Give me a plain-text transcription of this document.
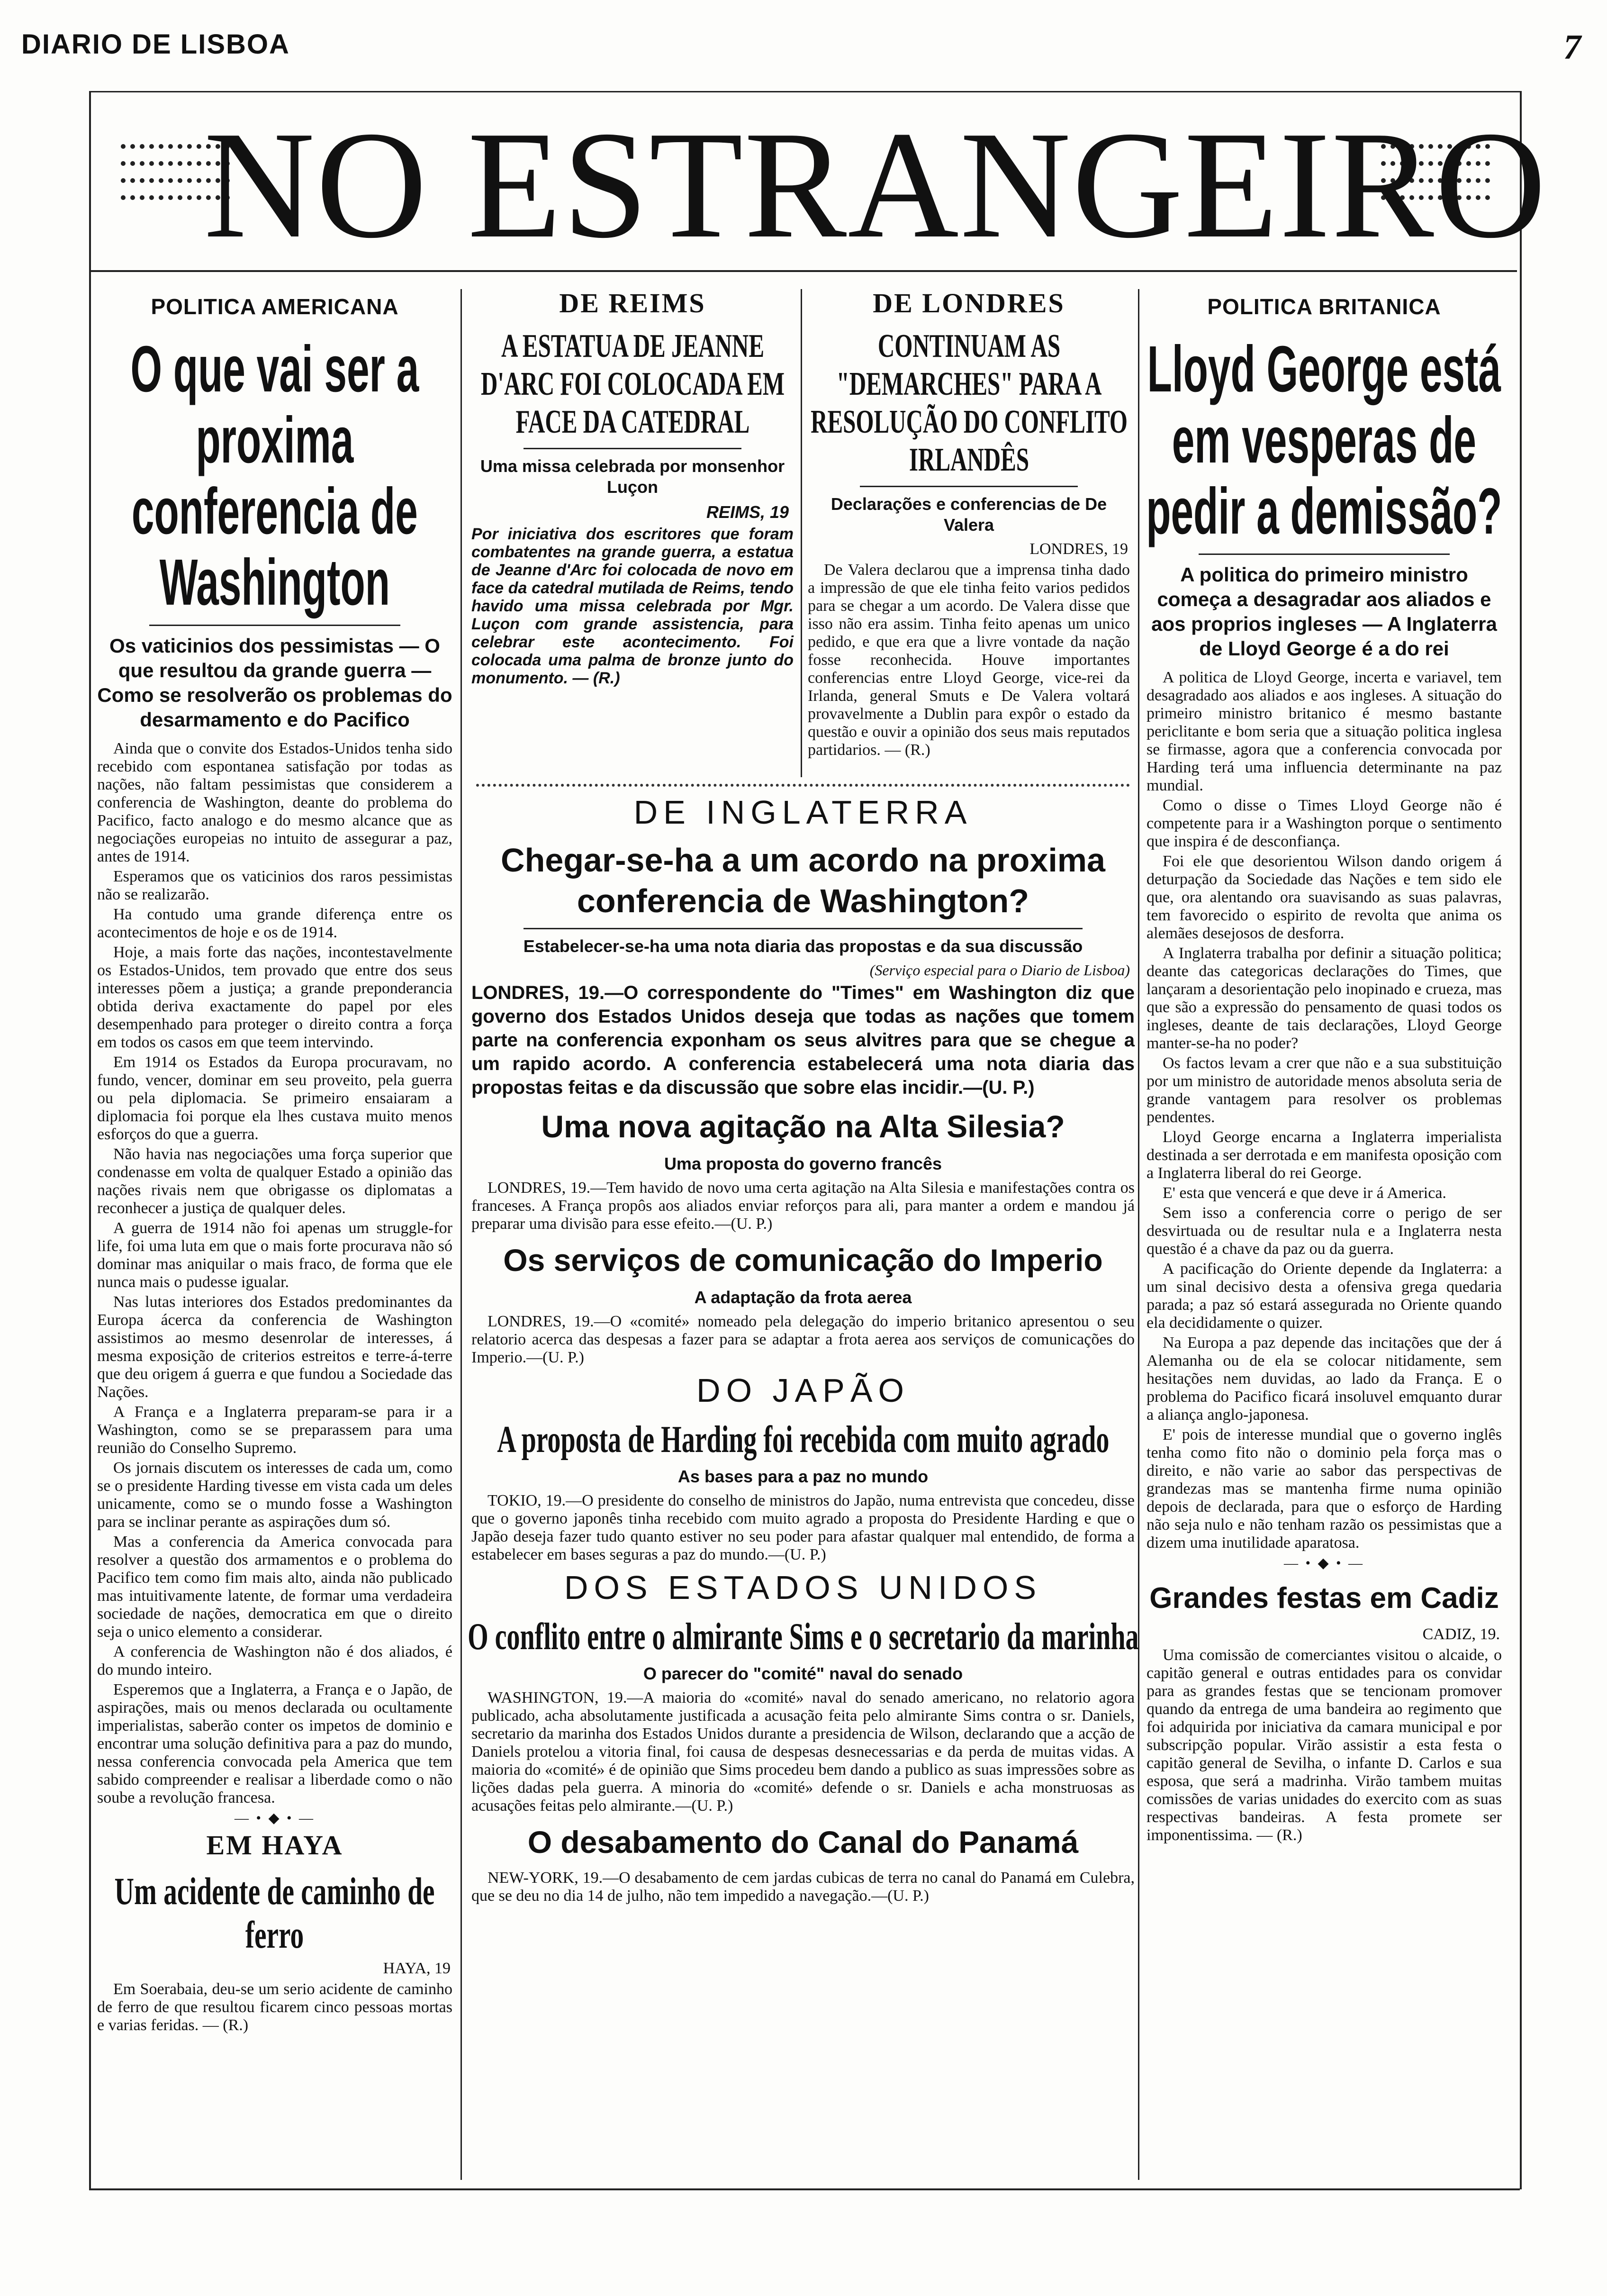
DIARIO DE LISBOA	7
NO ESTRANGEIRO
POLITICA AMERICANA
O que vai ser a proxima conferencia de Washington
Os vaticinios dos pessimistas — O que resultou da grande guerra — Como se resolverão os problemas do desarmamento e do Pacifico

Ainda que o convite dos Estados-Unidos tenha sido recebido com espontanea satisfação por todas as nações, não faltam pessimistas que considerem a conferencia de Washington, deante do problema do Pacifico, facto analogo e do mesmo alcance que as negociações europeias no intuito de assegurar a paz, antes de 1914.

Esperamos que os vaticinios dos raros pessimistas não se realizarão.

Ha contudo uma grande diferença entre os acontecimentos de hoje e os de 1914.

Hoje, a mais forte das nações, incontestavelmente os Estados-Unidos, tem provado que entre dos seus interesses põem a justiça; a grande preponderancia obtida deriva exactamente do papel por eles desempenhado para proteger o direito contra a força em todos os casos em que teem intervindo.

Em 1914 os Estados da Europa procuravam, no fundo, vencer, dominar em seu proveito, pela guerra ou pela diplomacia. Se primeiro ensaiaram a diplomacia foi porque ela lhes custava muito menos esforços do que a guerra.

Não havia nas negociações uma força superior que condenasse em volta de qualquer Estado a opinião das nações rivais nem que obrigasse os diplomatas a reconhecer a justiça de qualquer deles.

A guerra de 1914 não foi apenas um struggle-for life, foi uma luta em que o mais forte procurava não só dominar mas aniquilar o mais fraco, de forma que ele nunca mais o pudesse igualar.

Nas lutas interiores dos Estados predominantes da Europa ácerca da conferencia de Washington assistimos ao mesmo desenrolar de interesses, á mesma exposição de criterios estreitos e terre-á-terre que deu origem á guerra e que fundou a Sociedade das Nações.

A França e a Inglaterra preparam-se para ir a Washington, como se se preparassem para uma reunião do Conselho Supremo.

Os jornais discutem os interesses de cada um, como se o presidente Harding tivesse em vista cada um deles unicamente, como se o mundo fosse a Washington para se inclinar perante as aspirações dum só.

Mas a conferencia da America convocada para resolver a questão dos armamentos e o problema do Pacifico tem como fim mais alto, ainda não publicado mas intuitivamente latente, de formar uma verdadeira sociedade de nações, democratica em que o direito seja o unico elemento a considerar.

A conferencia de Washington não é dos aliados, é do mundo inteiro.

Esperemos que a Inglaterra, a França e o Japão, de aspirações, mais ou menos declarada ou ocultamente imperialistas, saberão conter os impetos de dominio e encontrar uma solução definitiva para a paz do mundo, nessa conferencia convocada pela America que tem sabido compreender e realisar a liberdade como o não soube a revolução francesa.

— • ◆ • —
EM HAYA
Um acidente de caminho de ferro
HAYA, 19

Em Soerabaia, deu-se um serio acidente de caminho de ferro de que resultou ficarem cinco pessoas mortas e varias feridas. — (R.)

DE REIMS
A ESTATUA DE JEANNE D'ARC FOI COLOCADA EM FACE DA CATEDRAL
Uma missa celebrada por monsenhor Luçon
REIMS, 19
Por iniciativa dos escritores que foram combatentes na grande guerra, a estatua de Jeanne d'Arc foi colocada de novo em face da catedral mutilada de Reims, tendo havido uma missa celebrada por Mgr. Luçon com grande assistencia, para celebrar este acontecimento. Foi colocada uma palma de bronze junto do monumento. — (R.)
DE LONDRES
CONTINUAM AS "DEMARCHES" PARA A RESOLUÇÃO DO CONFLITO IRLANDÊS
Declarações e conferencias de De Valera
LONDRES, 19

De Valera declarou que a imprensa tinha dado a impressão de que ele tinha feito varios pedidos para se chegar a um acordo. De Valera disse que isso não era assim. Tinha feito apenas um unico pedido, e que era que a livre vontade da nação fosse reconhecida. Houve importantes conferencias entre Lloyd George, vice-rei da Irlanda, general Smuts e De Valera voltará provavelmente a Dublin para expôr o estado da questão e ouvir a opinião dos seus mais reputados partidarios. — (R.)

POLITICA BRITANICA
Lloyd George está em vesperas de pedir a demissão?
A politica do primeiro ministro começa a desagradar aos aliados e aos proprios ingleses — A Inglaterra de Lloyd George é a do rei

A politica de Lloyd George, incerta e variavel, tem desagradado aos aliados e aos ingleses. A situação do primeiro ministro britanico é mesmo bastante periclitante e bom seria que a situação politica inglesa se firmasse, agora que a conferencia convocada por Harding terá uma influencia determinante na paz mundial.

Como o disse o Times Lloyd George não é competente para ir a Washington porque o sentimento que inspira é de desconfiança.

Foi ele que desorientou Wilson dando origem á deturpação da Sociedade das Nações e tem sido ele que, ora alentando ora suavisando as suas palavras, tem favorecido o espirito de revolta que anima os alemães desejosos de desforra.

A Inglaterra trabalha por definir a situação politica; deante das categoricas declarações do Times, que lançaram a desorientação pelo inopinado e crueza, mas que são a expressão do pensamento de quasi todos os ingleses, deante de tais declarações, Lloyd George manter-se-ha no poder?

Os factos levam a crer que não e a sua substituição por um ministro de autoridade menos absoluta seria de grande vantagem para resolver os problemas pendentes.

Lloyd George encarna a Inglaterra imperialista destinada a ser derrotada e em manifesta oposição com a Inglaterra liberal do rei George.

E' esta que vencerá e que deve ir á America.

Sem isso a conferencia corre o perigo de ser desvirtuada ou de resultar nula e a Inglaterra nesta questão é a chave da paz ou da guerra.

A pacificação do Oriente depende da Inglaterra: a um sinal decisivo desta a ofensiva grega quedaria parada; a paz só estará assegurada no Oriente quando ela decididamente o quizer.

Na Europa a paz depende das incitações que der á Alemanha ou de ela se colocar nitidamente, sem hesitações nem duvidas, ao lado da França. E o problema do Pacifico ficará insoluvel emquanto durar a aliança anglo-japonesa.

E' pois de interesse mundial que o governo inglês tenha como fito não o dominio pela força mas o direito, e não varie ao sabor das perspectivas de grandezas mas se mantenha firme numa opinião depois de declarada, para que o esforço de Harding não seja nulo e não tenham razão os pessimistas que a dizem uma inutilidade aparatosa.

— • ◆ • —
Grandes festas em Cadiz
CADIZ, 19.

Uma comissão de comerciantes visitou o alcaide, o capitão general e outras entidades para os convidar para as grandes festas que se tencionam promover quando da entrega de uma bandeira ao regimento que foi adquirida por iniciativa da camara municipal e por subscripção popular. Virão assistir a esta festa o capitão general de Sevilha, o infante D. Carlos e sua esposa, que será a madrinha. Virão tambem muitas comissões de varias unidades do exercito com as suas respectivas bandeiras. A festa promete ser imponentissima. — (R.)

DE INGLATERRA
Chegar-se-ha a um acordo na proxima conferencia de Washington?
Estabelecer-se-ha uma nota diaria das propostas e da sua discussão
(Serviço especial para o Diario de Lisboa)
LONDRES, 19.—O correspondente do "Times" em Washington diz que governo dos Estados Unidos deseja que todas as nações que tomem parte na conferencia exponham os seus alvitres para que se chegue a um rapido acordo. A conferencia estabelecerá uma nota diaria das propostas feitas e da discussão que sobre elas incidir.—(U. P.)
Uma nova agitação na Alta Silesia?
Uma proposta do governo francês

LONDRES, 19.—Tem havido de novo uma certa agitação na Alta Silesia e manifestações contra os franceses. A França propôs aos aliados enviar reforços para ali, para manter a ordem e mandou já preparar uma divisão para esse efeito.—(U. P.)

Os serviços de comunicação do Imperio
A adaptação da frota aerea

LONDRES, 19.—O «comité» nomeado pela delegação do imperio britanico apresentou o seu relatorio acerca das despesas a fazer para se adaptar a frota aerea aos serviços de comunicações do Imperio.—(U. P.)

DO JAPÃO
A proposta de Harding foi recebida com muito agrado
As bases para a paz no mundo

TOKIO, 19.—O presidente do conselho de ministros do Japão, numa entrevista que concedeu, disse que o governo japonês tinha recebido com muito agrado a proposta do Presidente Harding e que o Japão deseja fazer tudo quanto estiver no seu poder para afastar qualquer mal entendido, de forma a estabelecer em bases seguras a paz do mundo.—(U. P.)

DOS ESTADOS UNIDOS
O conflito entre o almirante Sims e o secretario da marinha
O parecer do "comité" naval do senado

WASHINGTON, 19.—A maioria do «comité» naval do senado americano, no relatorio agora publicado, acha absolutamente justificada a acusação feita pelo almirante Sims contra o sr. Daniels, secretario da marinha dos Estados Unidos durante a presidencia de Wilson, declarando que a acção de Daniels protelou a vitoria final, foi causa de despesas desnecessarias e da perda de muitas vidas. A maioria do «comité» é de opinião que Sims procedeu bem dando a publico as suas impressões sobre as lições dadas pela guerra. A minoria do «comité» defende o sr. Daniels e acha monstruosas as acusações feitas pelo almirante.—(U. P.)

O desabamento do Canal do Panamá

NEW-YORK, 19.—O desabamento de cem jardas cubicas de terra no canal do Panamá em Culebra, que se deu no dia 14 de julho, não tem impedido a navegação.—(U. P.)
